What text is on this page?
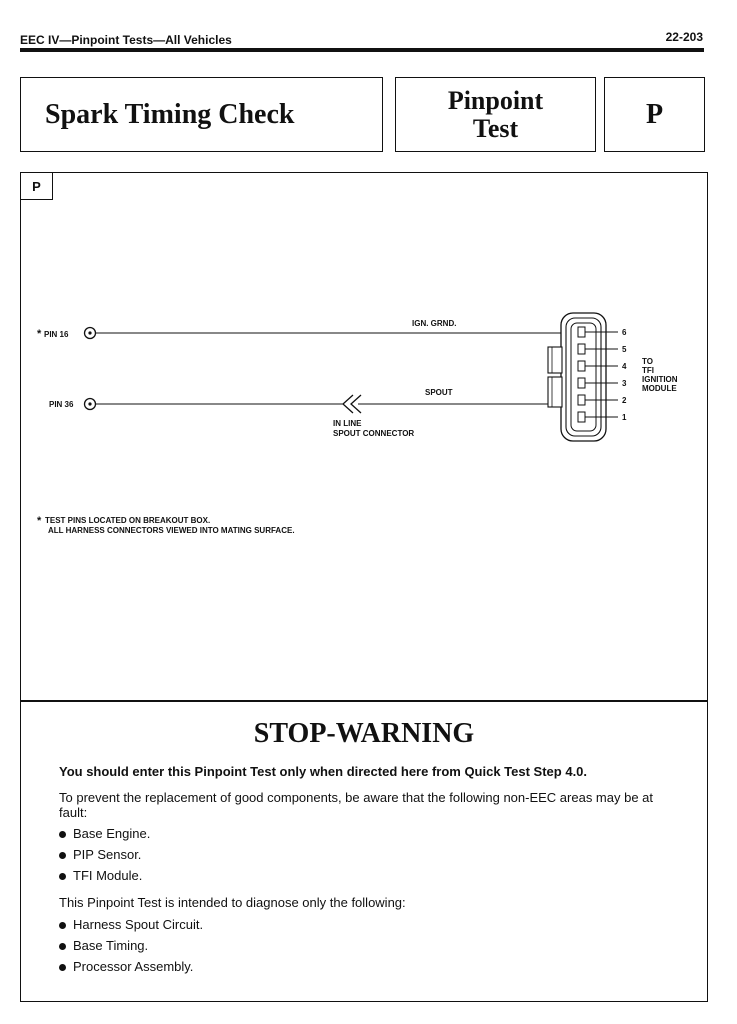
EEC IV—Pinpoint Tests—All Vehicles	22-203
Spark Timing Check	Pinpoint
Test	P
P
* PIN 16
IGN. GRND.
PIN 36
SPOUT
IN LINE
SPOUT CONNECTOR
6
5
4
3
2
1
TO
TFI
IGNITION
MODULE
* TEST PINS LOCATED ON BREAKOUT BOX.
ALL HARNESS CONNECTORS VIEWED INTO MATING SURFACE.
STOP-WARNING
You should enter this Pinpoint Test only when directed here from Quick Test Step 4.0.
To prevent the replacement of good components, be aware that the following non-EEC areas may be at fault:
Base Engine.
PIP Sensor.
TFI Module.
This Pinpoint Test is intended to diagnose only the following:
Harness Spout Circuit.
Base Timing.
Processor Assembly.
